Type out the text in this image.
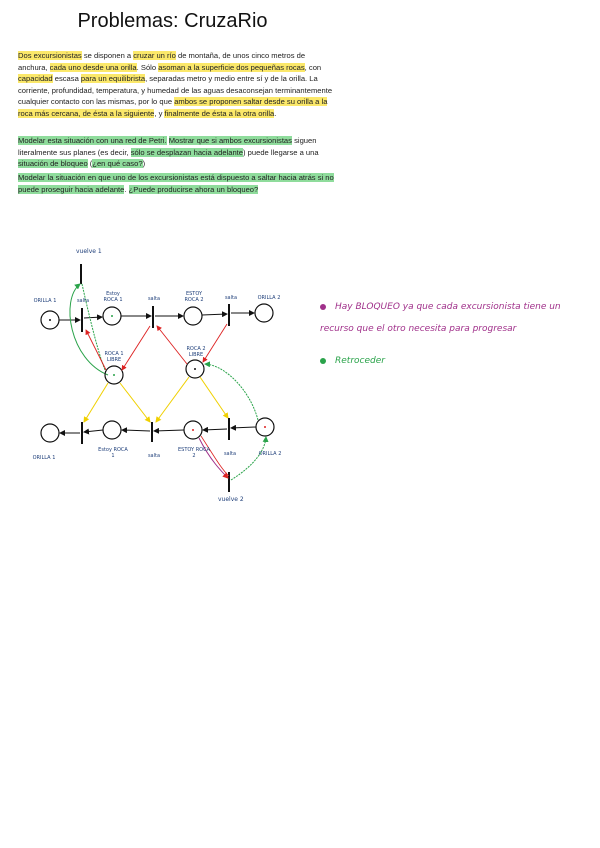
Problemas: CruzaRio
Dos excursionistas se disponen a cruzar un río de montaña, de unos cinco metros de anchura, cada uno desde una orilla. Sólo asoman a la superficie dos pequeñas rocas, con capacidad escasa para un equilibrista, separadas metro y medio entre sí y de la orilla. La corriente, profundidad, temperatura, y humedad de las aguas desaconsejan terminantemente cualquier contacto con las mismas, por lo que ambos se proponen saltar desde su orilla a la roca más cercana, de ésta a la siguiente, y finalmente de ésta a la otra orilla.
Modelar esta situación con una red de Petri. Mostrar que si ambos excursionistas siguen literalmente sus planes (es decir, sólo se desplazan hacia adelante) puede llegarse a una situación de bloqueo (¿en qué caso?)
Modelar la situación en que uno de los excursionistas está dispuesto a saltar hacia atrás si no puede proseguir hacia adelante. ¿Puede producirse ahora un bloqueo?
vuelve 1
ORILLA 1	salta
Estoy ROCA 1	salta
ESTOY ROCA 2	salta	ORILLA 2
ROCA 1 LIBRE
ROCA 2 LIBRE
ORILLA 1
Estoy ROCA 1	salta
ESTOY ROCA 2	salta	ORILLA 2
vuelve 2
Hay BLOQUEO ya que cada excursionista tiene un recurso que el otro necesita para progresar
Retroceder
